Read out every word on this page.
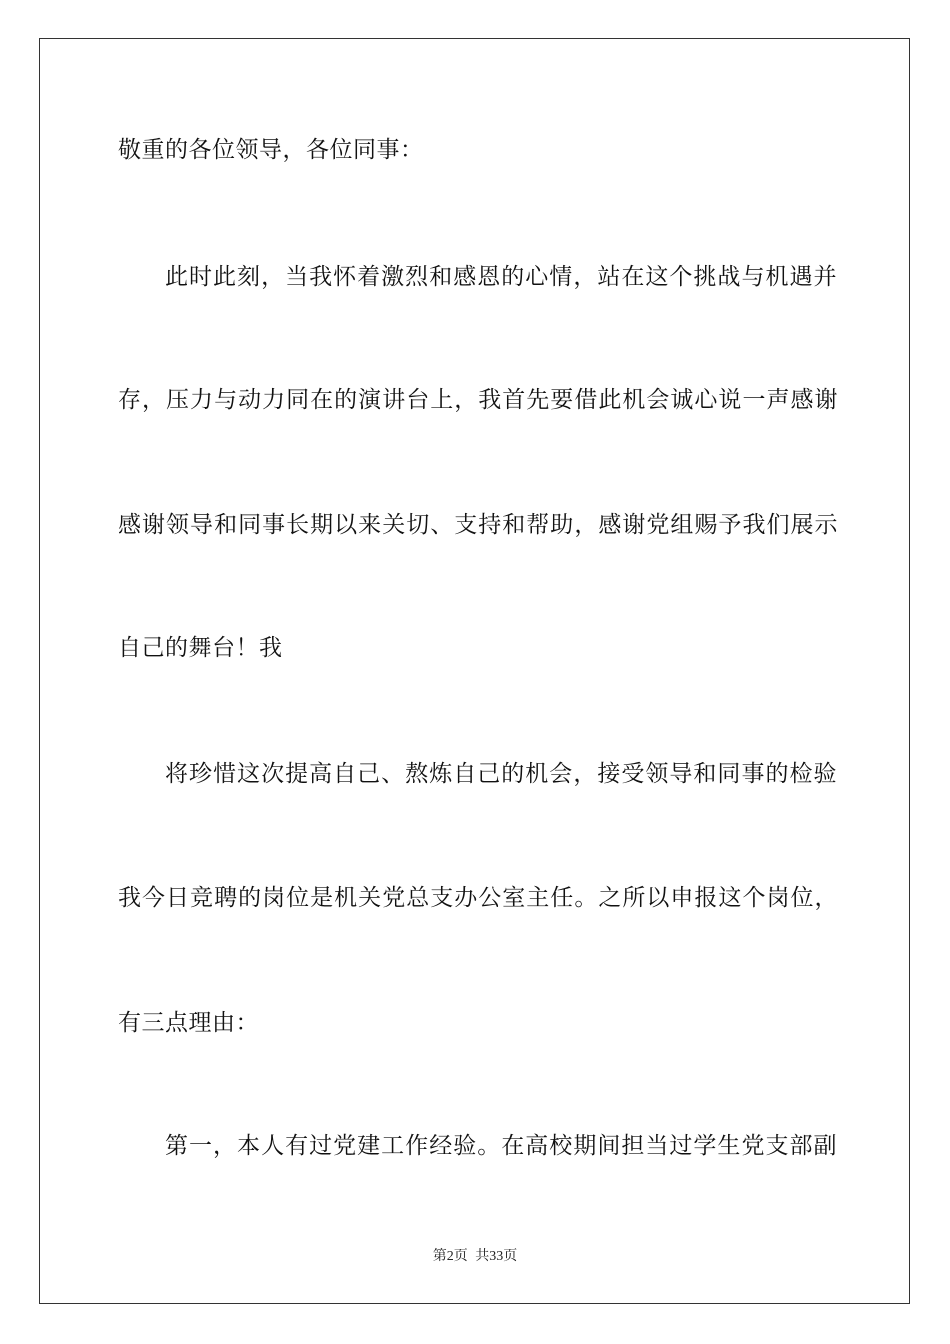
敬重的各位领导，各位同事：
此时此刻，当我怀着激烈和感恩的心情，站在这个挑战与机遇并
存，压力与动力同在的演讲台上，我首先要借此机会诚心说一声感谢
感谢领导和同事长期以来关切、支持和帮助，感谢党组赐予我们展示
自己的舞台！我
将珍惜这次提高自己、熬炼自己的机会，接受领导和同事的检验
我今日竞聘的岗位是机关党总支办公室主任。之所以申报这个岗位，
有三点理由：
第一，本人有过党建工作经验。在高校期间担当过学生党支部副
第2页 共33页
